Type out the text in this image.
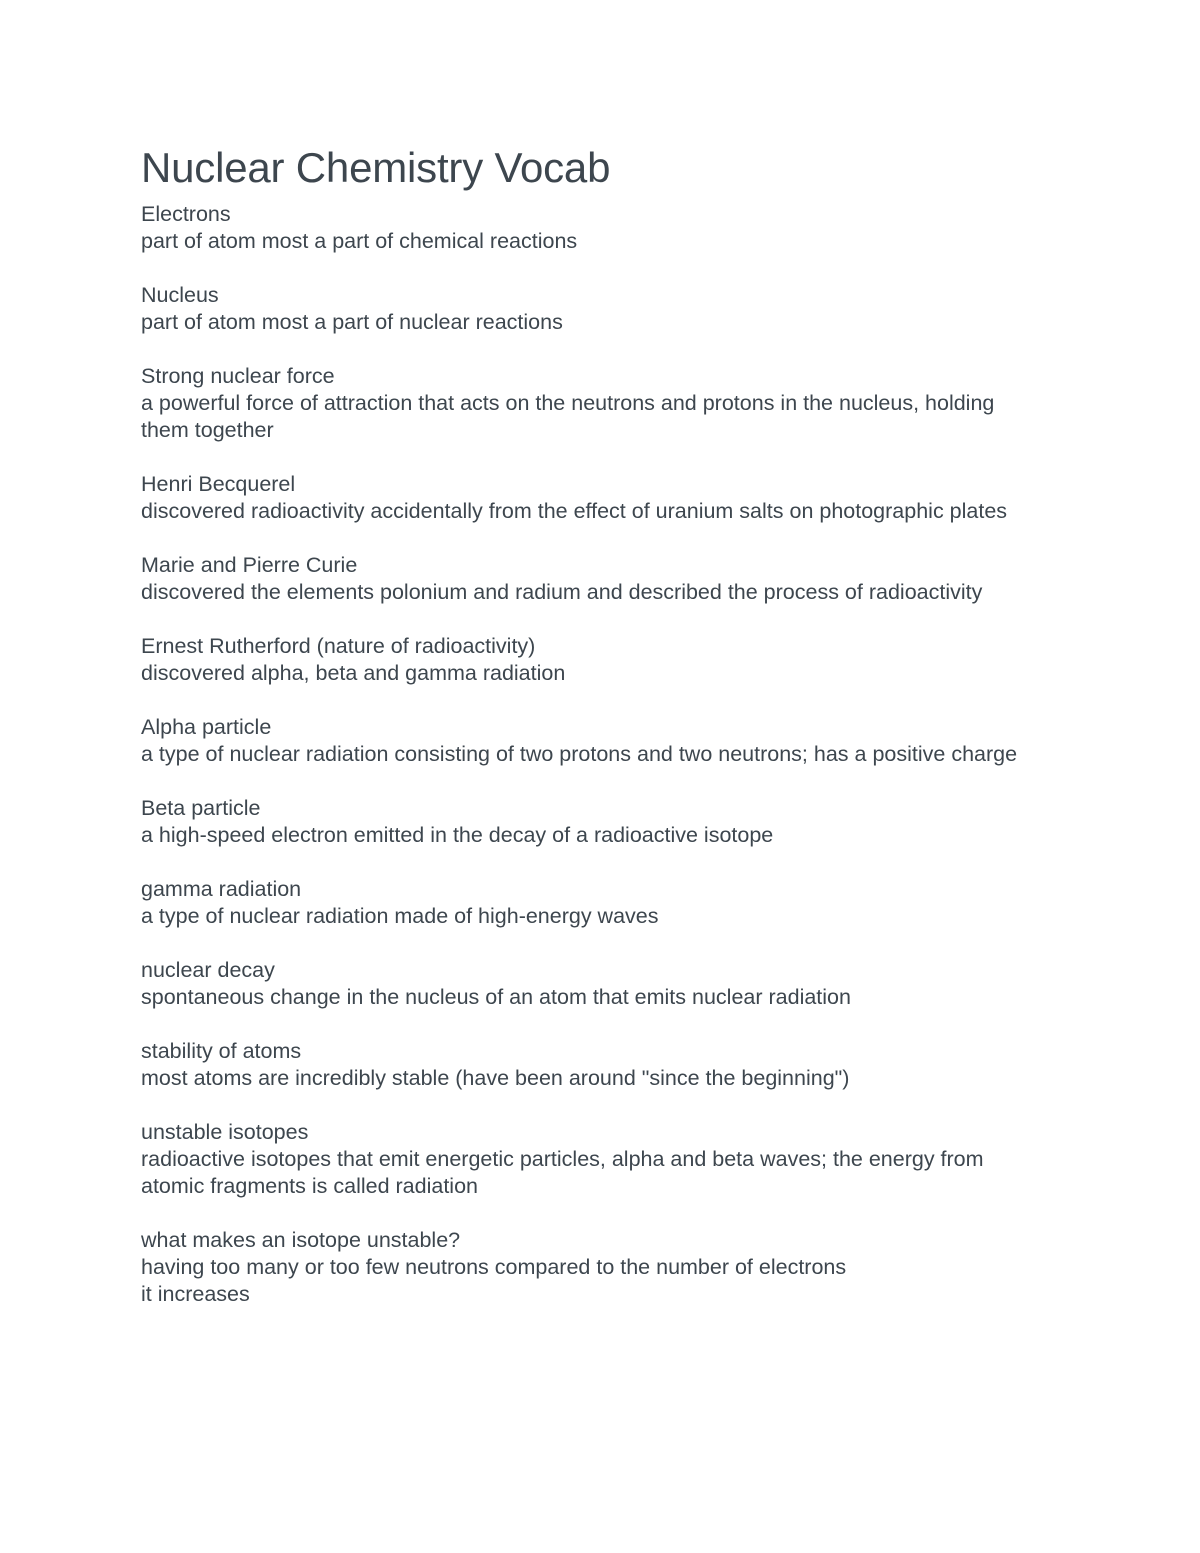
Nuclear Chemistry Vocab
Electrons
part of atom most a part of chemical reactions
Nucleus
part of atom most a part of nuclear reactions
Strong nuclear force
a powerful force of attraction that acts on the neutrons and protons in the nucleus, holding them together
Henri Becquerel
discovered radioactivity accidentally from the effect of uranium salts on photographic plates
Marie and Pierre Curie
discovered the elements polonium and radium and described the process of radioactivity
Ernest Rutherford (nature of radioactivity)
discovered alpha, beta and gamma radiation
Alpha particle
a type of nuclear radiation consisting of two protons and two neutrons; has a positive charge
Beta particle
a high-speed electron emitted in the decay of a radioactive isotope
gamma radiation
a type of nuclear radiation made of high-energy waves
nuclear decay
spontaneous change in the nucleus of an atom that emits nuclear radiation
stability of atoms
most atoms are incredibly stable (have been around "since the beginning")
unstable isotopes
radioactive isotopes that emit energetic particles, alpha and beta waves; the energy from atomic fragments is called radiation
what makes an isotope unstable?
having too many or too few neutrons compared to the number of electrons
it increases
